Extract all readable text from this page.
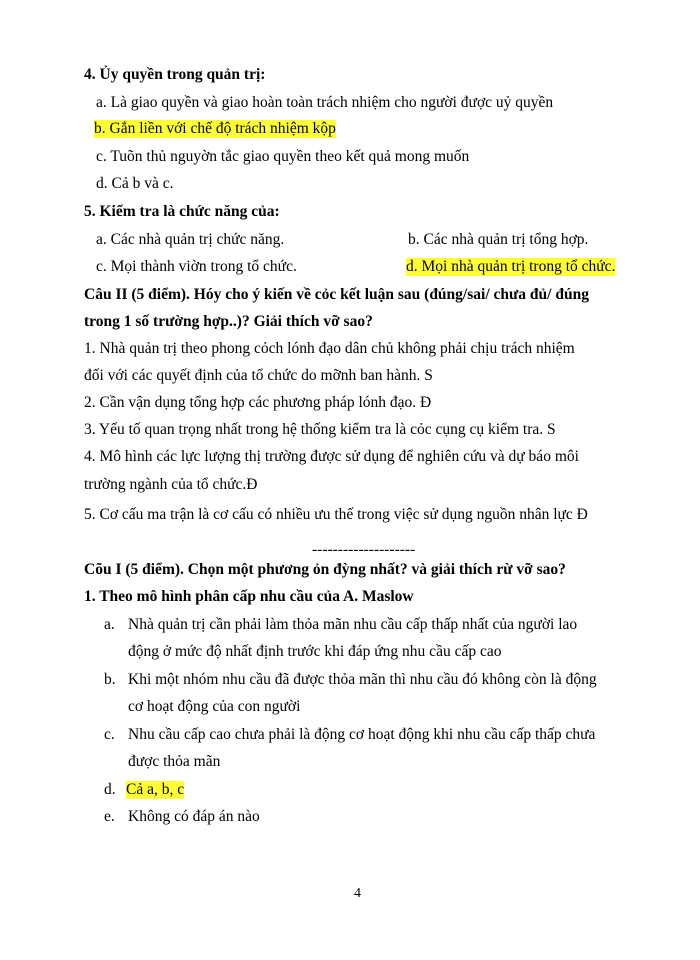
4. Ủy quyền trong quản trị:
a. Là giao quyền và giao hoàn toàn trách nhiệm cho người được uỷ quyền
b. Gắn liền với chế độ trách nhiệm kộp
c. Tuõn thủ nguyờn tắc giao quyền theo kết quả mong muốn
d. Cả b và c.
5. Kiểm tra là chức năng của:
a. Các nhà quản trị chức năng.	b. Các nhà quản trị tổng hợp.
c. Mọi thành viờn trong tổ chức.	d. Mọi nhà quản trị trong tổ chức.
Câu II (5 điểm). Hóy cho ý kiến về cỏc kết luận sau (đúng/sai/ chưa đủ/ đúng
trong 1 số trường hợp..)? Giải thích vỡ sao?
1. Nhà quản trị theo phong cỏch lónh đạo dân chủ không phải chịu trách nhiệm
đối với các quyết định của tổ chức do mỡnh ban hành. S
2. Cần vận dụng tổng hợp các phương pháp lónh đạo. Đ
3. Yếu tố quan trọng nhất trong hệ thống kiểm tra là cỏc cụng cụ kiểm tra. S
4. Mô hình các lực lượng thị trường được sử dụng để nghiên cứu và dự báo môi
trường ngành của tổ chức.Đ
5. Cơ cấu ma trận là cơ cấu có nhiều ưu thế trong việc sử dụng nguồn nhân lực Đ
--------------------
Cõu I (5 điểm). Chọn một phương ỏn đỳng nhất? và giải thích rừ vỡ sao?
1. Theo mô hình phân cấp nhu cầu của A. Maslow
a. Nhà quản trị cần phải làm thỏa mãn nhu cầu cấp thấp nhất của người lao
động ở mức độ nhất định trước khi đáp ứng nhu cầu cấp cao
b. Khi một nhóm nhu cầu đã được thỏa mãn thì nhu cầu đó không còn là động
cơ hoạt động của con người
c. Nhu cầu cấp cao chưa phải là động cơ hoạt động khi nhu cầu cấp thấp chưa
được thỏa mãn
d. Cả a, b, c
e. Không có đáp án nào
4
